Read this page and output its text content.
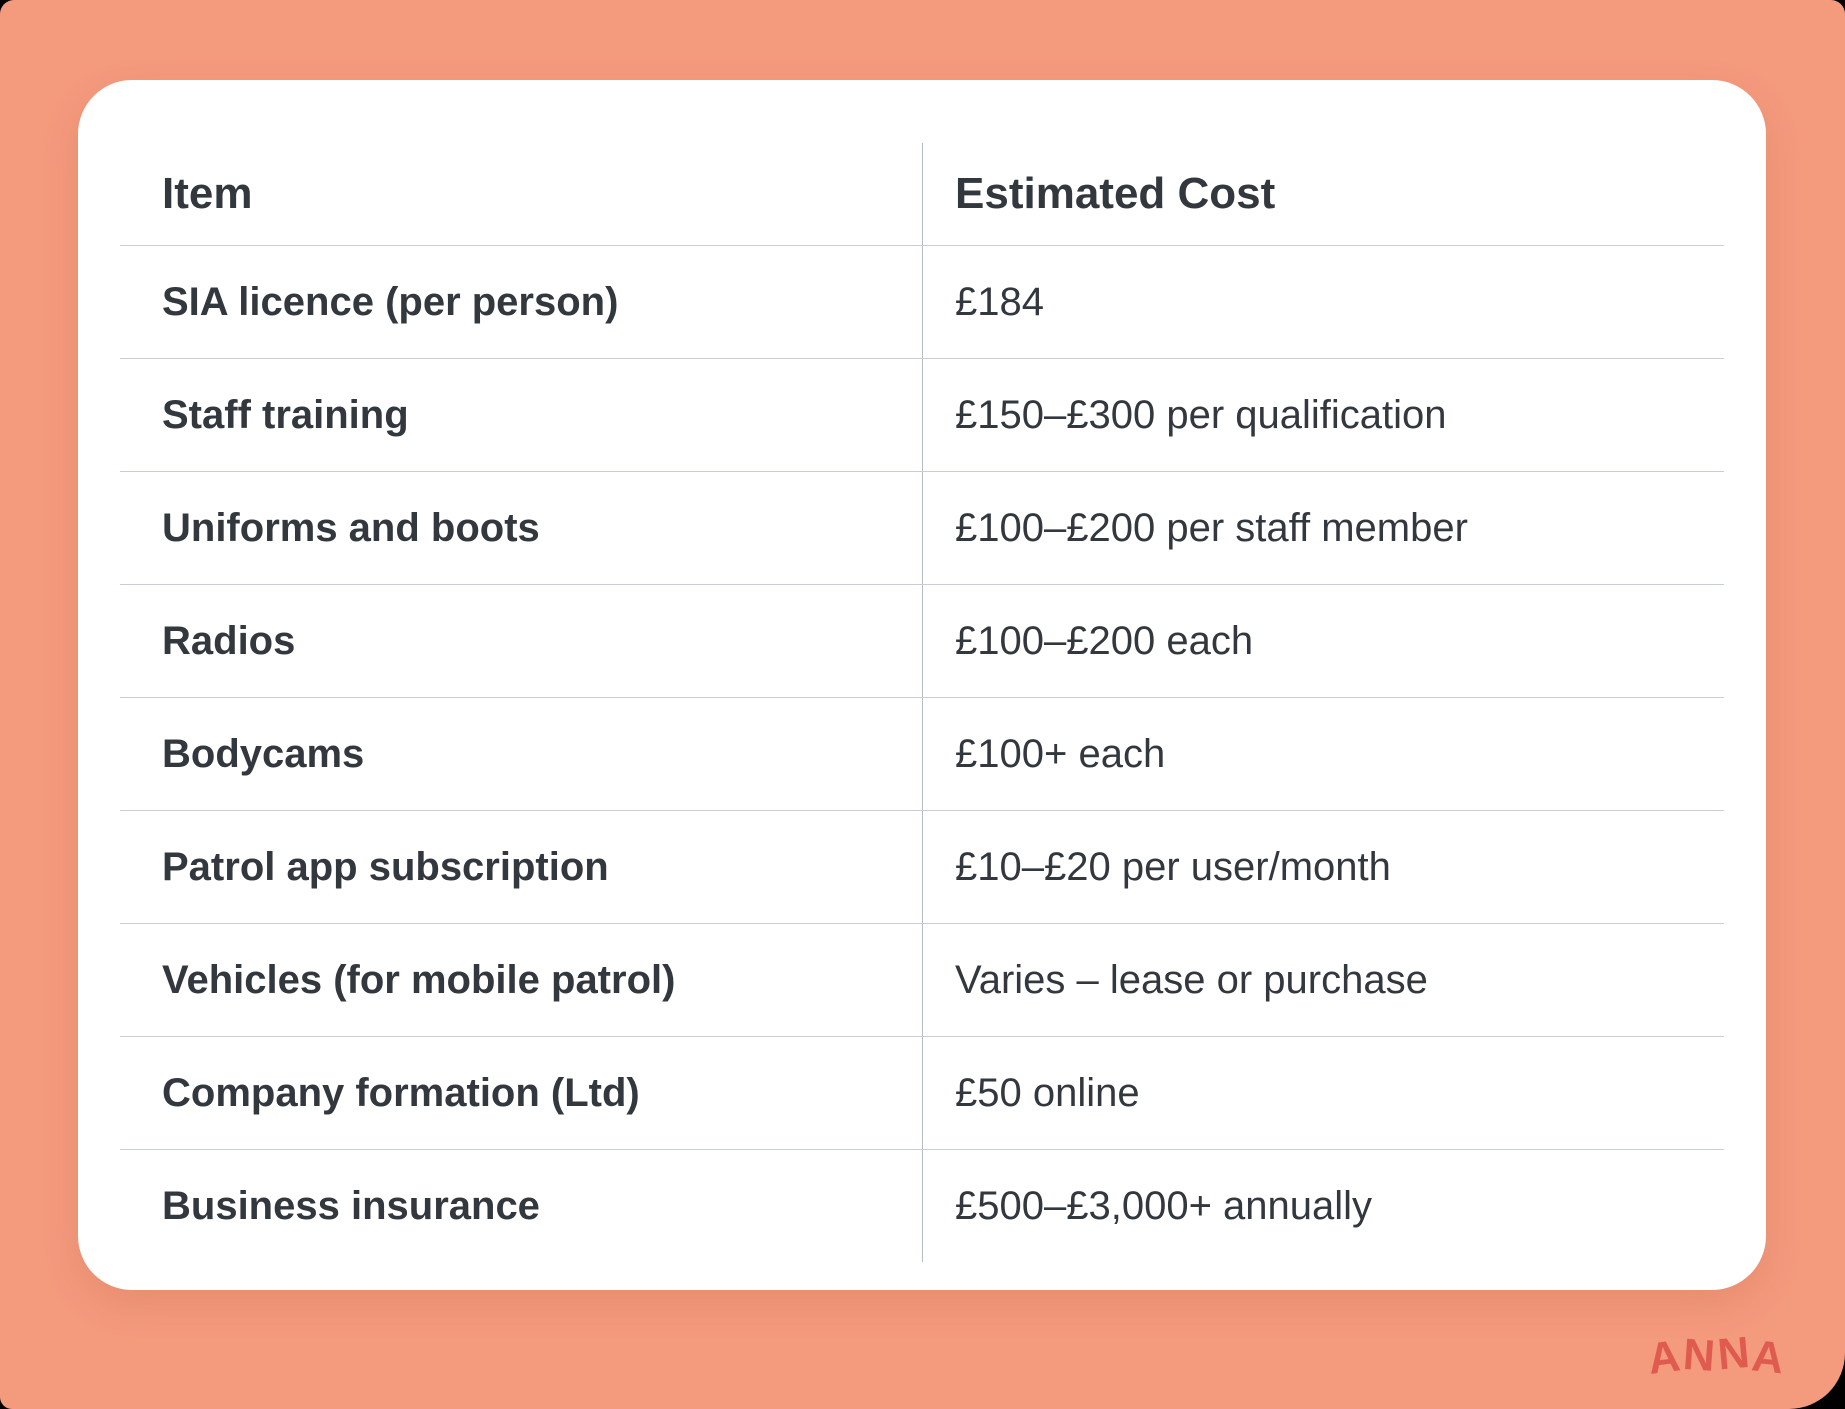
Item	Estimated Cost
SIA licence (per person)	£184
Staff training	£150–£300 per qualification
Uniforms and boots	£100–£200 per staff member
Radios	£100–£200 each
Bodycams	£100+ each
Patrol app subscription	£10–£20 per user/month
Vehicles (for mobile patrol)	Varies – lease or purchase
Company formation (Ltd)	£50 online
Business insurance	£500–£3,000+ annually
ANNA
